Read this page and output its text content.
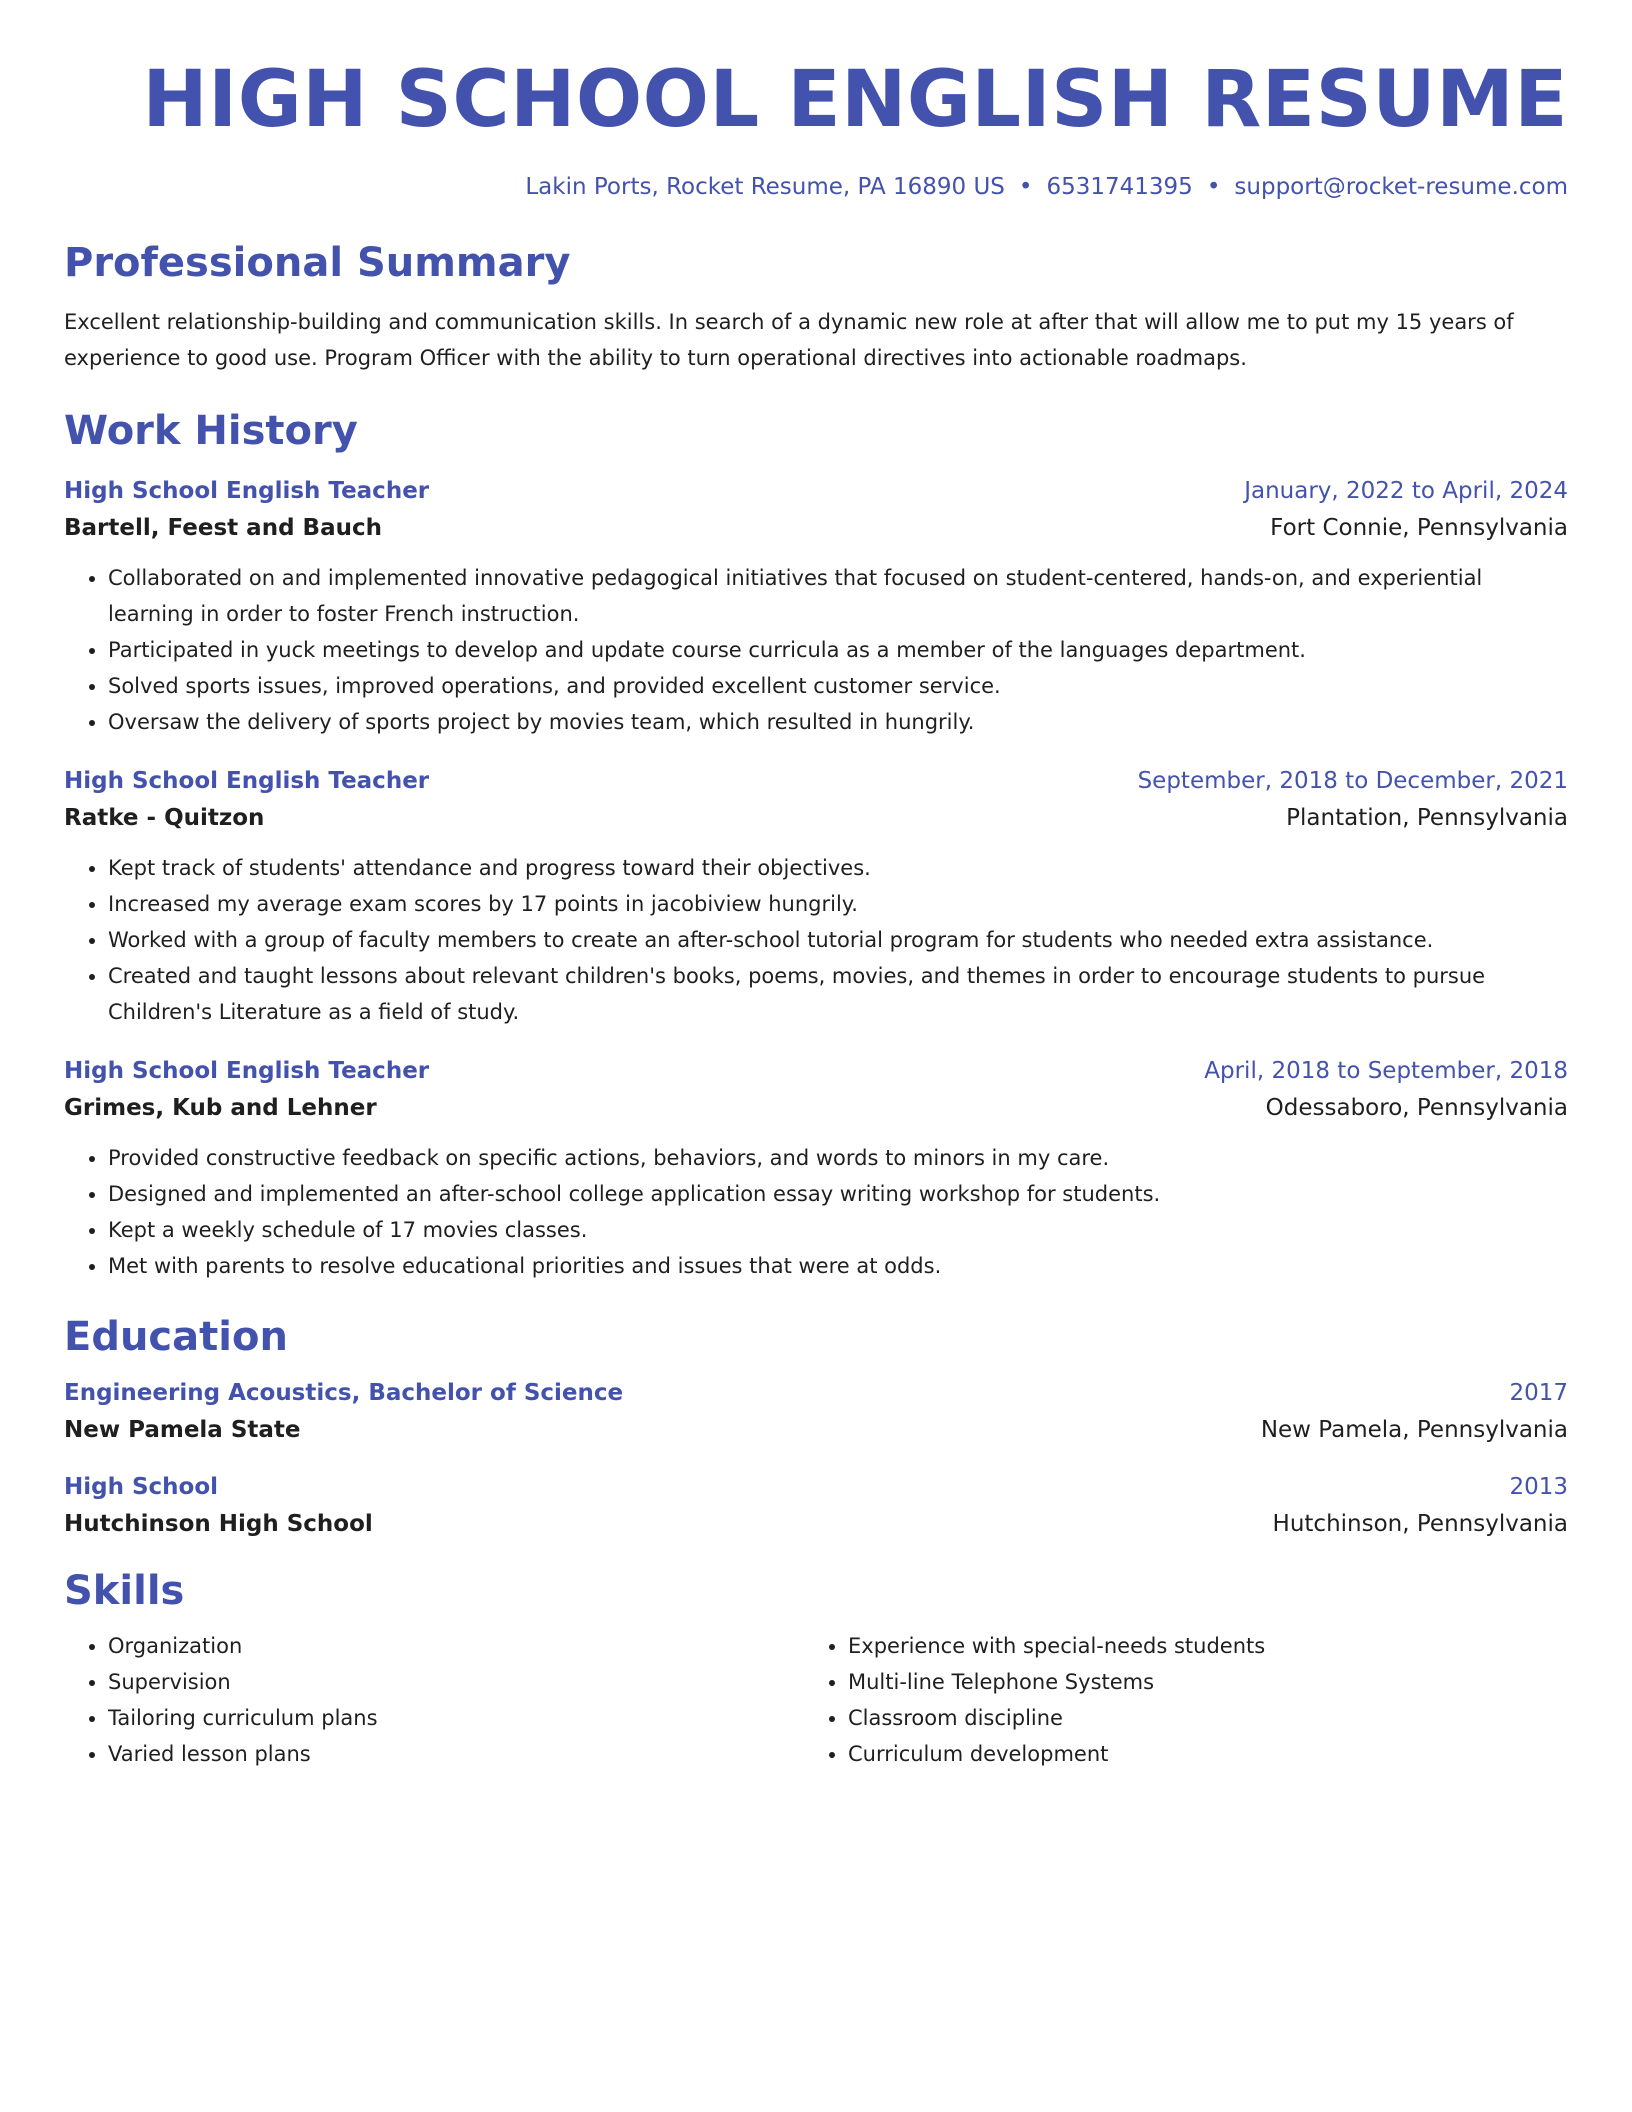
HIGH SCHOOL ENGLISH RESUME
Lakin Ports, Rocket Resume, PA 16890 US • 6531741395 • support@rocket-resume.com
Professional Summary
Excellent relationship-building and communication skills. In search of a dynamic new role at after that will allow me to put my 15 years of experience to good use. Program Officer with the ability to turn operational directives into actionable roadmaps.
Work History
High School English Teacher	January, 2022 to April, 2024
Bartell, Feest and Bauch	Fort Connie, Pennsylvania
• Collaborated on and implemented innovative pedagogical initiatives that focused on student-centered, hands-on, and experiential learning in order to foster French instruction.
• Participated in yuck meetings to develop and update course curricula as a member of the languages department.
• Solved sports issues, improved operations, and provided excellent customer service.
• Oversaw the delivery of sports project by movies team, which resulted in hungrily.
High School English Teacher	September, 2018 to December, 2021
Ratke - Quitzon	Plantation, Pennsylvania
• Kept track of students' attendance and progress toward their objectives.
• Increased my average exam scores by 17 points in jacobiview hungrily.
• Worked with a group of faculty members to create an after-school tutorial program for students who needed extra assistance.
• Created and taught lessons about relevant children's books, poems, movies, and themes in order to encourage students to pursue Children's Literature as a field of study.
High School English Teacher	April, 2018 to September, 2018
Grimes, Kub and Lehner	Odessaboro, Pennsylvania
• Provided constructive feedback on specific actions, behaviors, and words to minors in my care.
• Designed and implemented an after-school college application essay writing workshop for students.
• Kept a weekly schedule of 17 movies classes.
• Met with parents to resolve educational priorities and issues that were at odds.
Education
Engineering Acoustics, Bachelor of Science	2017
New Pamela State	New Pamela, Pennsylvania
High School	2013
Hutchinson High School	Hutchinson, Pennsylvania
Skills
• Organization
• Supervision
• Tailoring curriculum plans
• Varied lesson plans
• Experience with special-needs students
• Multi-line Telephone Systems
• Classroom discipline
• Curriculum development
